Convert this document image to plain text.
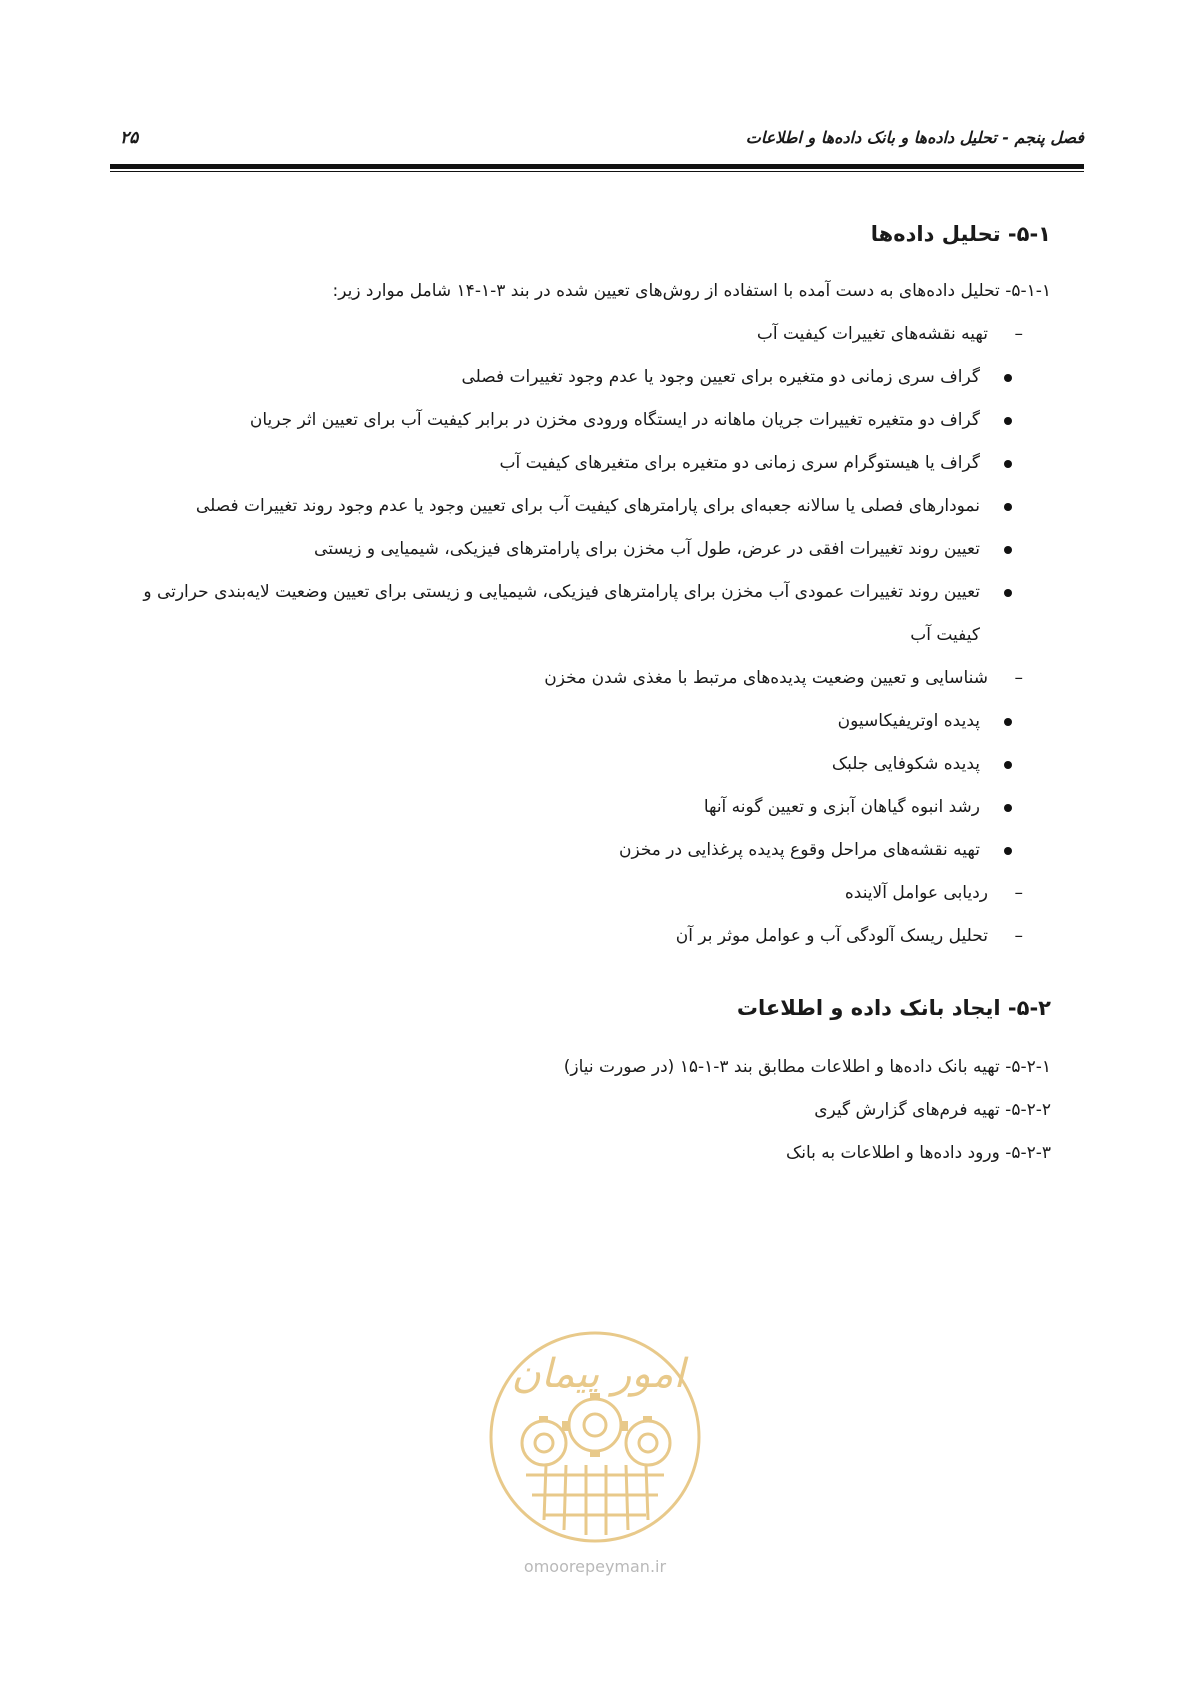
فصل پنجم - تحلیل داده‌ها و بانک داده‌ها و اطلاعات
۲۵
۵-۱- تحلیل داده‌ها

۵-۱-۱- تحلیل داده‌های به دست آمده با استفاده از روش‌های تعیین شده در بند ۳-۱-۱۴ شامل موارد زیر:

–
تهیه نقشه‌های تغییرات کیفیت آب
گراف سری زمانی دو متغیره برای تعیین وجود یا عدم وجود تغییرات فصلی
گراف دو متغیره تغییرات جریان ماهانه در ایستگاه ورودی مخزن در برابر کیفیت آب برای تعیین اثر جریان
گراف یا هیستوگرام سری زمانی دو متغیره برای متغیرهای کیفیت آب
نمودارهای فصلی یا سالانه جعبه‌ای برای پارامترهای کیفیت آب برای تعیین وجود یا عدم وجود روند تغییرات فصلی
تعیین روند تغییرات افقی در عرض، طول آب مخزن برای پارامترهای فیزیکی، شیمیایی و زیستی
تعیین روند تغییرات عمودی آب مخزن برای پارامترهای فیزیکی، شیمیایی و زیستی برای تعیین وضعیت لایه‌بندی حرارتی و کیفیت آب
–
شناسایی و تعیین وضعیت پدیده‌های مرتبط با مغذی شدن مخزن
پدیده اوتریفیکاسیون
پدیده شکوفایی جلبک
رشد انبوه گیاهان آبزی و تعیین گونه آنها
تهیه نقشه‌های مراحل وقوع پدیده پرغذایی در مخزن
–
ردیابی عوامل آلاینده
–
تحلیل ریسک آلودگی آب و عوامل موثر بر آن
۵-۲- ایجاد بانک داده و اطلاعات

۵-۲-۱- تهیه بانک داده‌ها و اطلاعات مطابق بند ۳-۱-۱۵ (در صورت نیاز)

۵-۲-۲- تهیه فرم‌های گزارش گیری

۵-۲-۳- ورود داده‌ها و اطلاعات به بانک

امور پیمان
omoorepeyman.ir
